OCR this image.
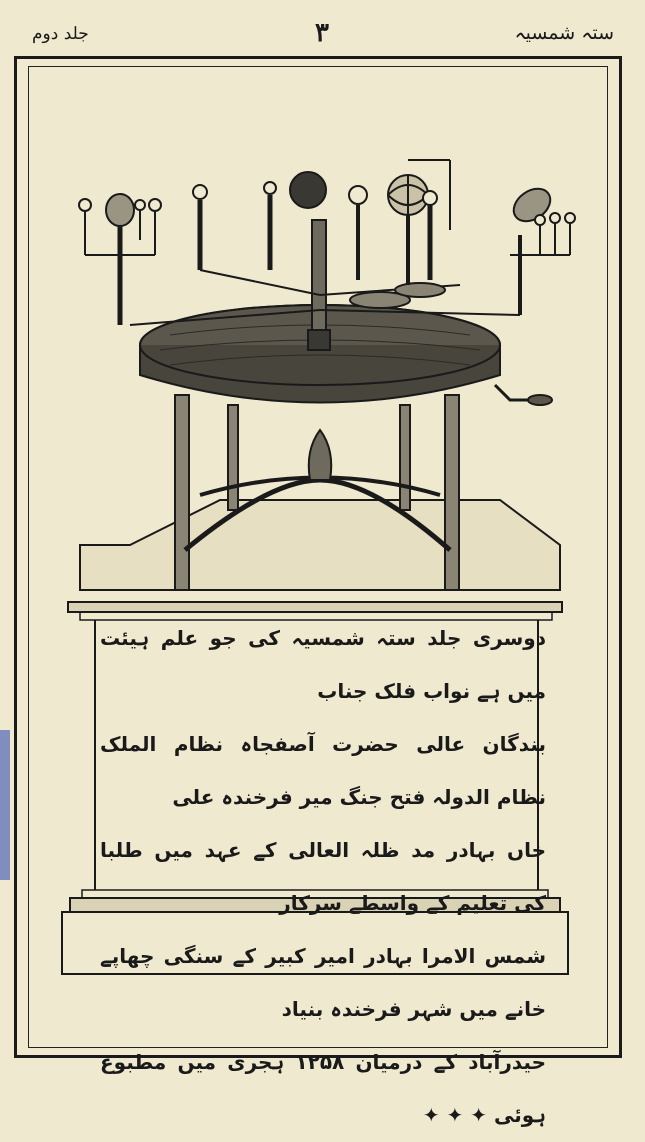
ستہ شمسیہ
۳
جلد دوم

دوسری جلد ستہ شمسیہ کی جو علم ہیئت میں ہے نواب فلک جناب

بندگان عالی حضرت آصفجاہ نظام الملک نظام الدولہ فتح جنگ میر فرخندہ علی

خاں بہادر مد ظلہ العالی کے عہد میں طلبا کی تعلیم کے واسطے سرکار

شمس الامرا بہادر امیر کبیر کے سنگی چھاپے خانے میں شہر فرخندہ بنیاد

حیدرآباد کے درمیان ۱۲۵۸ ہجری میں مطبوع ہوئی ✦ ✦ ✦
